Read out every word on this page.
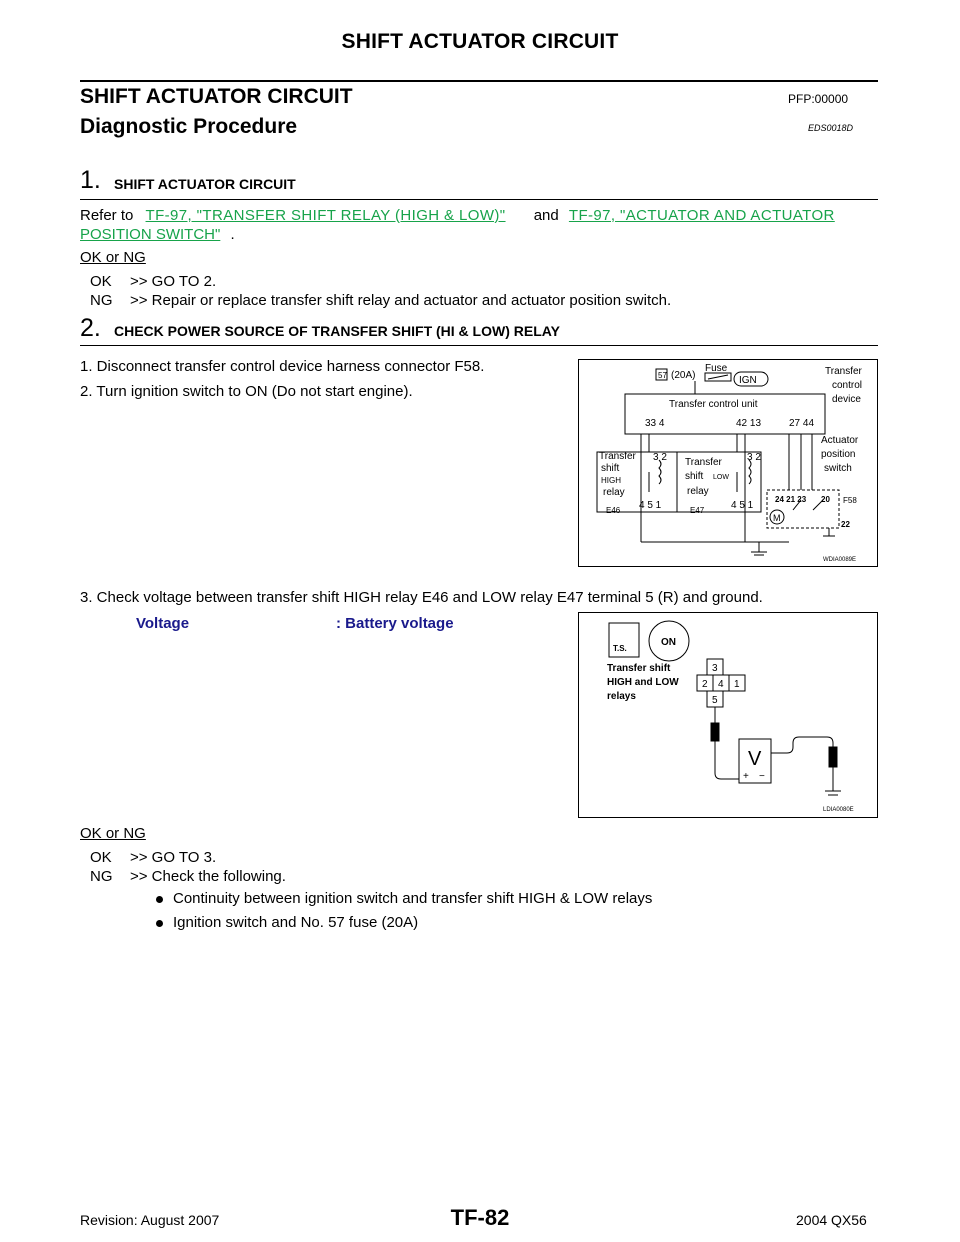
SHIFT ACTUATOR CIRCUIT
SHIFT ACTUATOR CIRCUIT	PFP:00000
Diagnostic Procedure	EDS0018D
1. SHIFT ACTUATOR CIRCUIT
Refer to TF-97, "TRANSFER SHIFT RELAY (HIGH & LOW)" and TF-97, "ACTUATOR AND ACTUATOR
POSITION SWITCH" .
OK or NG
OK >> GO TO 2.
NG >> Repair or replace transfer shift relay and actuator and actuator position switch.
2. CHECK POWER SOURCE OF TRANSFER SHIFT (HI & LOW) RELAY
1. Disconnect transfer control device harness connector F58.
2. Turn ignition switch to ON (Do not start engine).
57 (20A)
Fuse
IGN
Transfer control unit
33 4	42 13	27 44
Transfer
control
device
Actuator
position
switch
Transfer
shift
HIGH
relay
Transfer
shift LOW
relay
3 2	3 2
4 5 1	4 5 1
E46	E47
F58
24 21 23 20
22
M
WDIA0089E
3. Check voltage between transfer shift HIGH relay E46 and LOW relay E47 terminal 5 (R) and ground.
Voltage	: Battery voltage
T.S.
ON
Transfer shift
HIGH and LOW
relays
3
2 4 1
5
V
+ −
LDIA0080E
OK or NG
OK >> GO TO 3.
NG >> Check the following.
Continuity between ignition switch and transfer shift HIGH & LOW relays
Ignition switch and No. 57 fuse (20A)
Revision: August 2007	TF-82	2004 QX56
